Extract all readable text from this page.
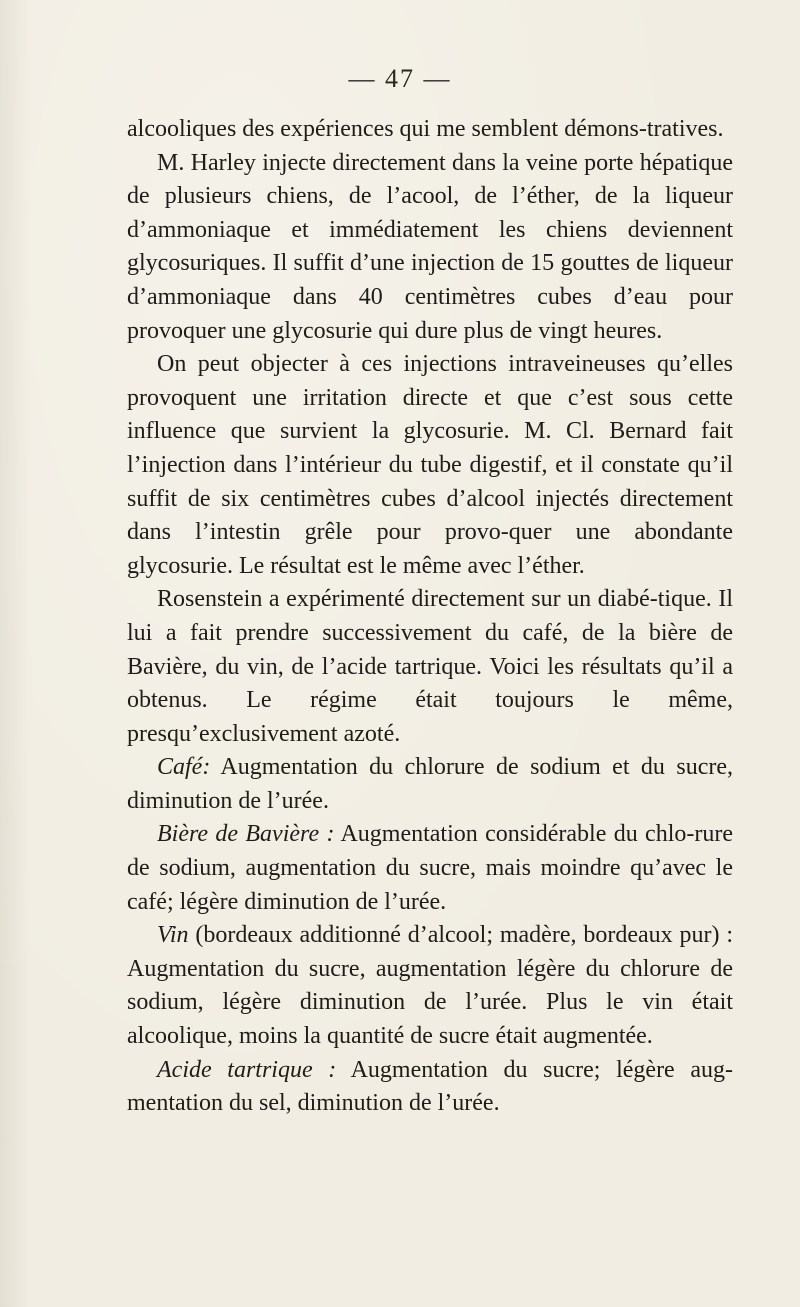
— 47 —

alcooliques des expériences qui me semblent démons-tratives.

M. Harley injecte directement dans la veine porte hépatique de plusieurs chiens, de l’acool, de l’éther, de la liqueur d’ammoniaque et immédiatement les chiens deviennent glycosuriques. Il suffit d’une injection de 15 gouttes de liqueur d’ammoniaque dans 40 centimètres cubes d’eau pour provoquer une glycosurie qui dure plus de vingt heures.

On peut objecter à ces injections intraveineuses qu’elles provoquent une irritation directe et que c’est sous cette influence que survient la glycosurie. M. Cl. Bernard fait l’injection dans l’intérieur du tube digestif, et il constate qu’il suffit de six centimètres cubes d’alcool injectés directement dans l’intestin grêle pour provo-quer une abondante glycosurie. Le résultat est le même avec l’éther.

Rosenstein a expérimenté directement sur un diabé-tique. Il lui a fait prendre successivement du café, de la bière de Bavière, du vin, de l’acide tartrique. Voici les résultats qu’il a obtenus. Le régime était toujours le même, presqu’exclusivement azoté.

Café: Augmentation du chlorure de sodium et du sucre, diminution de l’urée.

Bière de Bavière : Augmentation considérable du chlo-rure de sodium, augmentation du sucre, mais moindre qu’avec le café; légère diminution de l’urée.

Vin (bordeaux additionné d’alcool; madère, bordeaux pur) : Augmentation du sucre, augmentation légère du chlorure de sodium, légère diminution de l’urée. Plus le vin était alcoolique, moins la quantité de sucre était augmentée.

Acide tartrique : Augmentation du sucre; légère aug-mentation du sel, diminution de l’urée.
